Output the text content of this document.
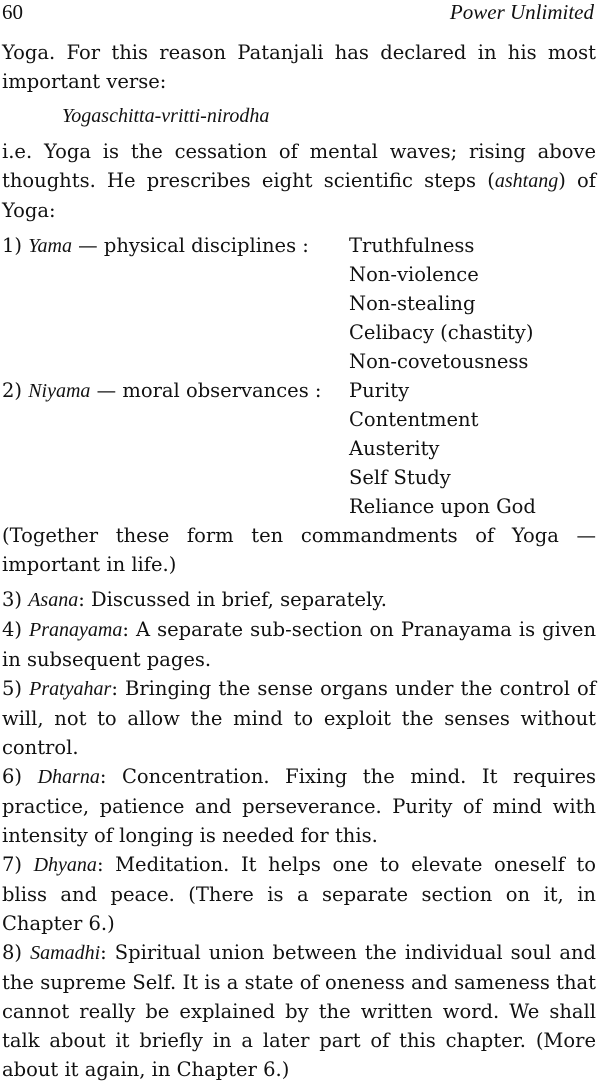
60	Power Unlimited

Yoga. For this reason Patanjali has declared in his most important verse:

Yogaschitta-vritti-nirodha

i.e. Yoga is the cessation of mental waves; rising above thoughts. He prescribes eight scientific steps (ashtang) of Yoga:

1) Yama — physical disciplines :	Truthfulness
Non-violence
Non-stealing
Celibacy (chastity)
Non-covetousness
2) Niyama — moral observances :	Purity
Contentment
Austerity
Self Study
Reliance upon God

(Together these form ten commandments of Yoga — important in life.)

3) Asana: Discussed in brief, separately.

4) Pranayama: A separate sub-section on Pranayama is given in subsequent pages.

5) Pratyahar: Bringing the sense organs under the control of will, not to allow the mind to exploit the senses without control.

6) Dharna: Concentration. Fixing the mind. It requires practice, patience and perseverance. Purity of mind with intensity of longing is needed for this.

7) Dhyana: Meditation. It helps one to elevate oneself to bliss and peace. (There is a separate section on it, in Chapter 6.)

8) Samadhi: Spiritual union between the individual soul and the supreme Self. It is a state of oneness and sameness that cannot really be explained by the written word. We shall talk about it briefly in a later part of this chapter. (More about it again, in Chapter 6.)
